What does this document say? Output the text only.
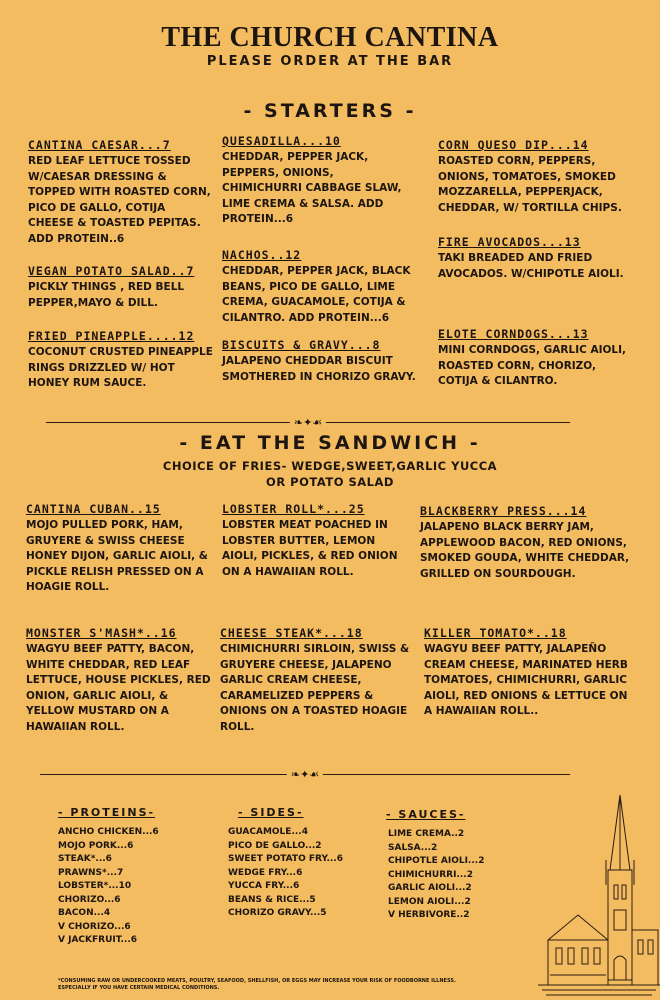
THE CHURCH CANTINA
PLEASE ORDER AT THE BAR
- STARTERS -
CANTINA CAESAR...7
RED LEAF LETTUCE TOSSED W/CAESAR DRESSING & TOPPED WITH ROASTED CORN, PICO DE GALLO, COTIJA CHEESE & TOASTED PEPITAS. ADD PROTEIN..6
VEGAN POTATO SALAD..7
PICKLY THINGS , RED BELL PEPPER,MAYO & DILL.
FRIED PINEAPPLE....12
COCONUT CRUSTED PINEAPPLE RINGS DRIZZLED W/ HOT HONEY RUM SAUCE.
QUESADILLA...10
CHEDDAR, PEPPER JACK, PEPPERS, ONIONS, CHIMICHURRI CABBAGE SLAW, LIME CREMA & SALSA. ADD PROTEIN...6
NACHOS..12
CHEDDAR, PEPPER JACK, BLACK BEANS, PICO DE GALLO, LIME CREMA, GUACAMOLE, COTIJA & CILANTRO. ADD PROTEIN...6
BISCUITS & GRAVY...8
JALAPENO CHEDDAR BISCUIT SMOTHERED IN CHORIZO GRAVY.
CORN QUESO DIP...14
ROASTED CORN, PEPPERS, ONIONS, TOMATOES, SMOKED MOZZARELLA, PEPPERJACK, CHEDDAR, W/ TORTILLA CHIPS.
FIRE AVOCADOS...13
TAKI BREADED AND FRIED AVOCADOS. W/CHIPOTLE AIOLI.
ELOTE CORNDOGS...13
MINI CORNDOGS, GARLIC AIOLI, ROASTED CORN, CHORIZO, COTIJA & CILANTRO.
❧✦☙
- EAT THE SANDWICH -
CHOICE OF FRIES- WEDGE,SWEET,GARLIC YUCCA
OR POTATO SALAD
CANTINA CUBAN..15
MOJO PULLED PORK, HAM, GRUYERE & SWISS CHEESE HONEY DIJON, GARLIC AIOLI, & PICKLE RELISH PRESSED ON A HOAGIE ROLL.
LOBSTER ROLL*...25
LOBSTER MEAT POACHED IN LOBSTER BUTTER, LEMON AIOLI, PICKLES, & RED ONION ON A HAWAIIAN ROLL.
BLACKBERRY PRESS...14
JALAPENO BLACK BERRY JAM, APPLEWOOD BACON, RED ONIONS, SMOKED GOUDA, WHITE CHEDDAR, GRILLED ON SOURDOUGH.
MONSTER S'MASH*..16
WAGYU BEEF PATTY, BACON, WHITE CHEDDAR, RED LEAF LETTUCE, HOUSE PICKLES, RED ONION, GARLIC AIOLI, & YELLOW MUSTARD ON A HAWAIIAN ROLL.
CHEESE STEAK*...18
CHIMICHURRI SIRLOIN, SWISS & GRUYERE CHEESE, JALAPENO GARLIC CREAM CHEESE, CARAMELIZED PEPPERS & ONIONS ON A TOASTED HOAGIE ROLL.
KILLER TOMATO*..18
WAGYU BEEF PATTY, JALAPEÑO CREAM CHEESE, MARINATED HERB TOMATOES, CHIMICHURRI, GARLIC AIOLI, RED ONIONS & LETTUCE ON A HAWAIIAN ROLL..
❧✦☙
- PROTEINS-
ANCHO CHICKEN...6
MOJO PORK...6
STEAK*...6
PRAWNS*...7
LOBSTER*...10
CHORIZO...6
BACON...4
V CHORIZO...6
V JACKFRUIT...6
- SIDES-
GUACAMOLE...4
PICO DE GALLO...2
SWEET POTATO FRY...6
WEDGE FRY...6
YUCCA FRY...6
BEANS & RICE...5
CHORIZO GRAVY...5
- SAUCES-
LIME CREMA..2
SALSA...2
CHIPOTLE AIOLI...2
CHIMICHURRI...2
GARLIC AIOLI...2
LEMON AIOLI...2
V HERBIVORE..2
*CONSUMING RAW OR UNDERCOOKED MEATS, POULTRY, SEAFOOD, SHELLFISH, OR EGGS MAY INCREASE YOUR RISK OF FOODBORNE ILLNESS.
ESPECIALLY IF YOU HAVE CERTAIN MEDICAL CONDITIONS.
